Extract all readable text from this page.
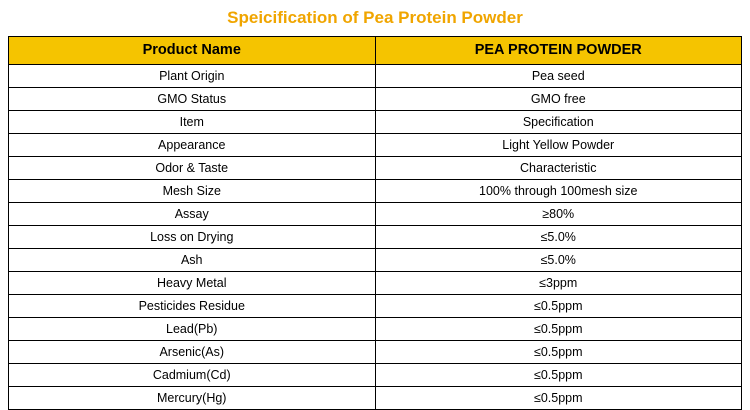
Speicification of Pea Protein Powder
Product Name	PEA PROTEIN POWDER
Plant Origin	Pea seed
GMO Status	GMO free
Item	Specification
Appearance	Light Yellow Powder
Odor & Taste	Characteristic
Mesh Size	100% through 100mesh size
Assay	≥80%
Loss on Drying	≤5.0%
Ash	≤5.0%
Heavy Metal	≤3ppm
Pesticides Residue	≤0.5ppm
Lead(Pb)	≤0.5ppm
Arsenic(As)	≤0.5ppm
Cadmium(Cd)	≤0.5ppm
Mercury(Hg)	≤0.5ppm
